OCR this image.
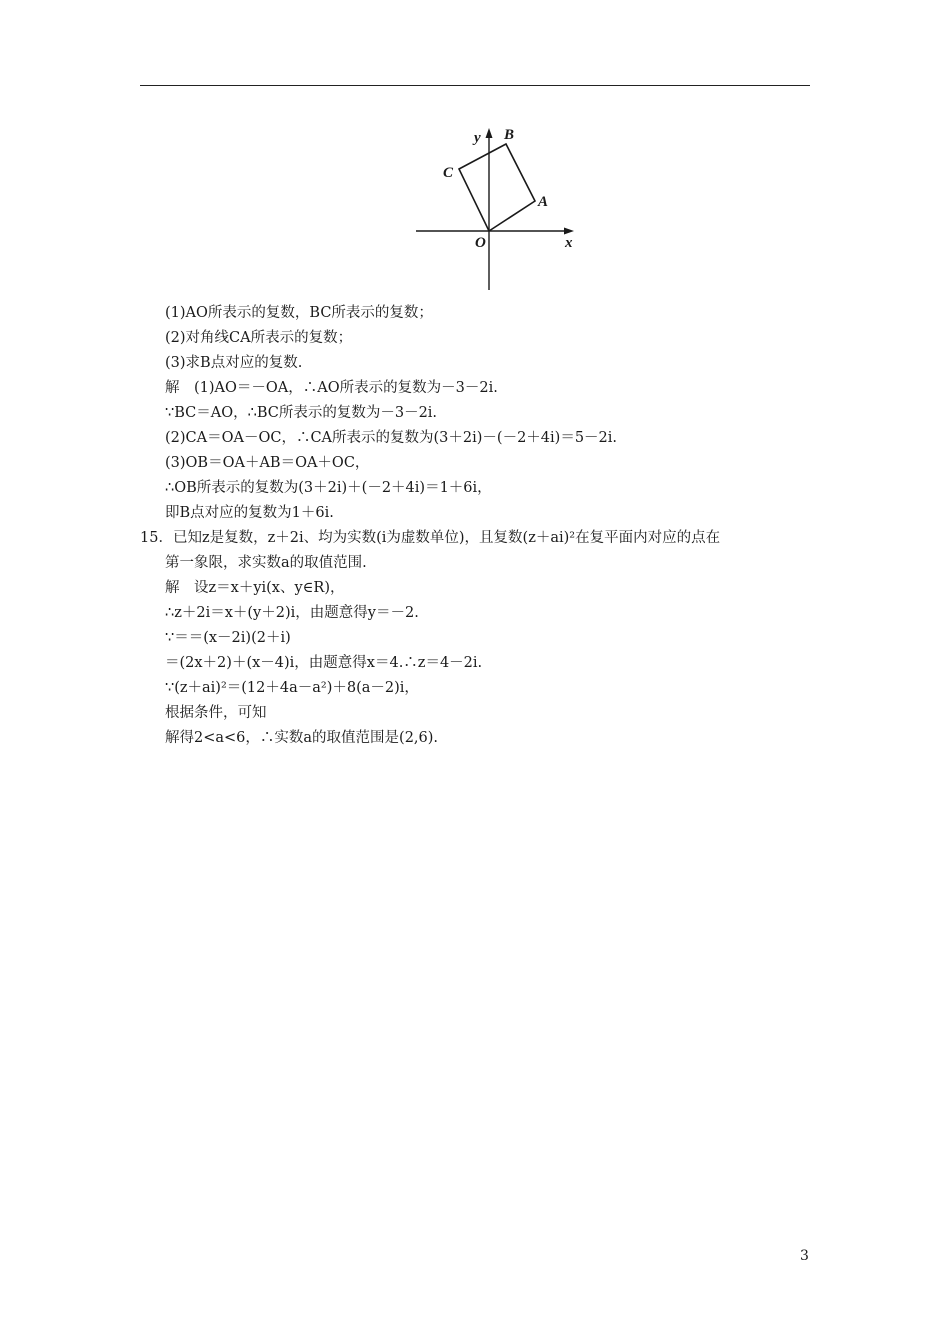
y B
C
A
O	x
(1)AO所表示的复数，BC所表示的复数；
(2)对角线CA所表示的复数；
(3)求B点对应的复数.
解　(1)AO＝－OA，∴AO所表示的复数为－3－2i.
∵BC＝AO，∴BC所表示的复数为－3－2i.
(2)CA＝OA－OC，∴CA所表示的复数为(3＋2i)－(－2＋4i)＝5－2i.
(3)OB＝OA＋AB＝OA＋OC，
∴OB所表示的复数为(3＋2i)＋(－2＋4i)＝1＋6i，
即B点对应的复数为1＋6i.
15．已知z是复数，z＋2i、均为实数(i为虚数单位)，且复数(z＋ai)²在复平面内对应的点在
第一象限，求实数a的取值范围.
解　设z＝x＋yi(x、y∈R)，
∴z＋2i＝x＋(y＋2)i，由题意得y＝－2.
∵＝＝(x－2i)(2＋i)
＝(2x＋2)＋(x－4)i，由题意得x＝4.∴z＝4－2i.
∵(z＋ai)²＝(12＋4a－a²)＋8(a－2)i，
根据条件，可知
解得2<a<6，∴实数a的取值范围是(2,6).
3
